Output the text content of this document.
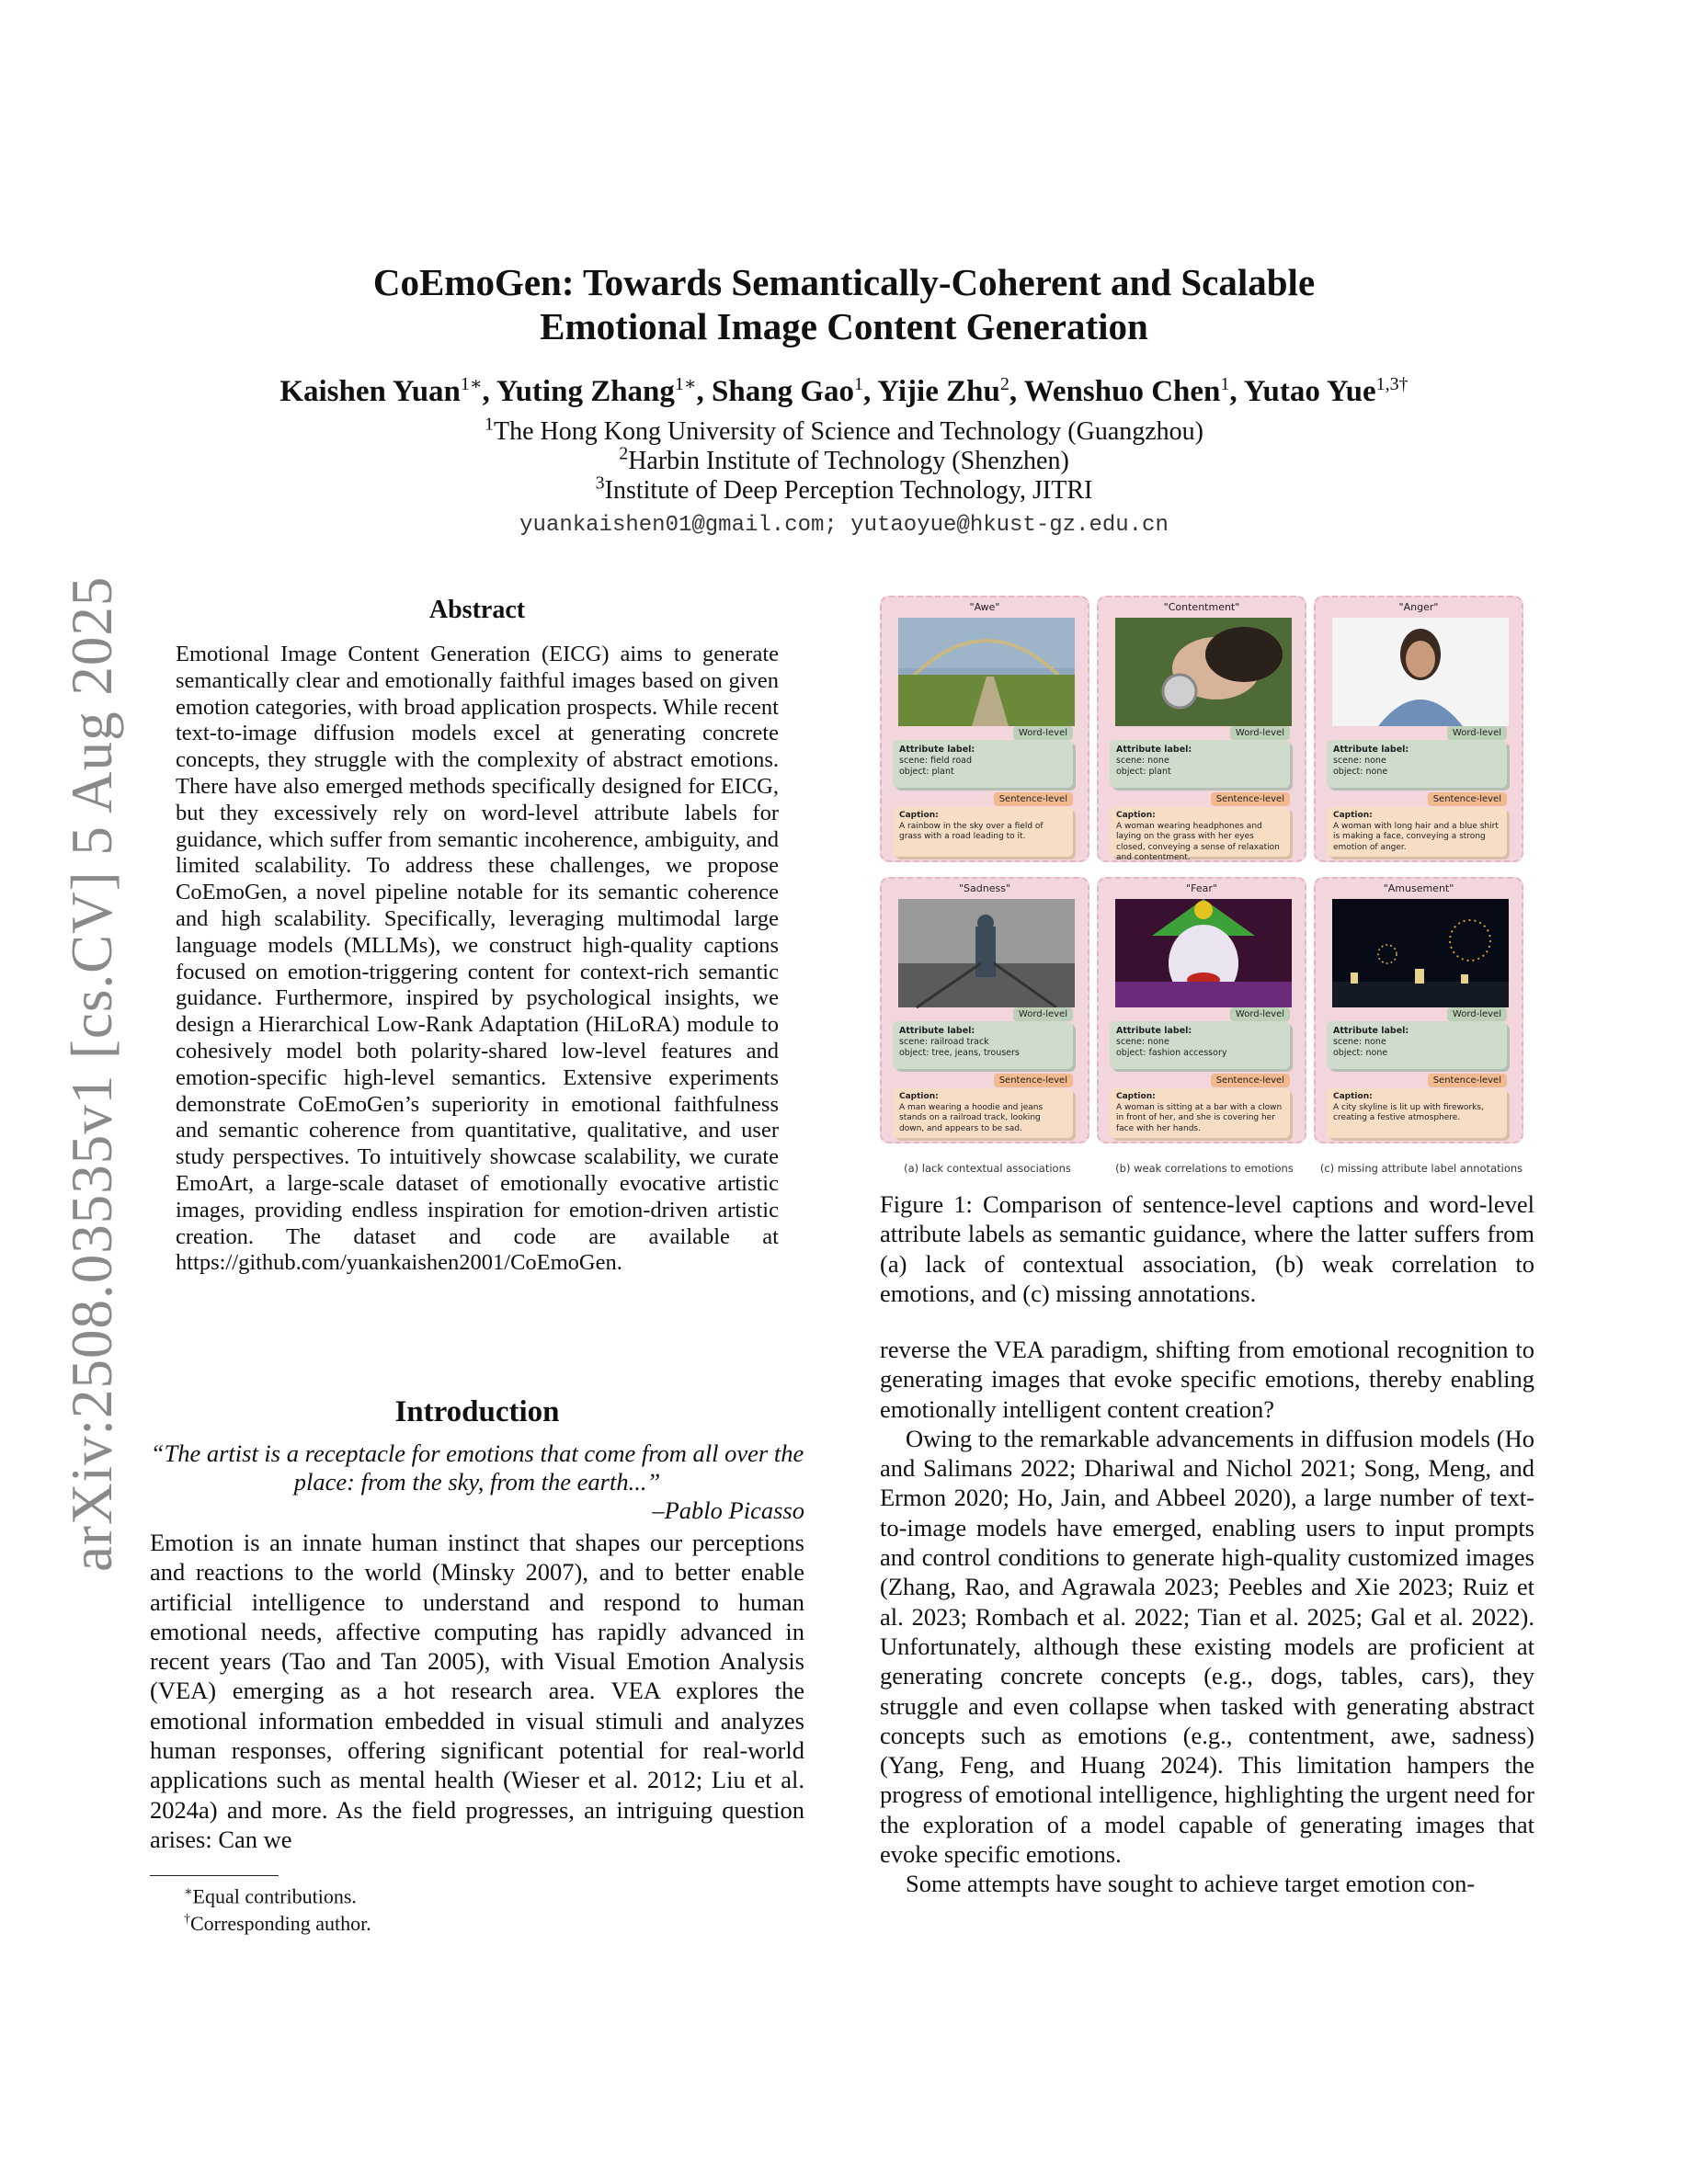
arXiv:2508.03535v1 [cs.CV] 5 Aug 2025
CoEmoGen: Towards Semantically-Coherent and Scalable
Emotional Image Content Generation
Kaishen Yuan$^{1∗}$, Yuting Zhang$^{1∗}$, Shang Gao$^1$, Yijie Zhu$^2$, Wenshuo Chen$^1$, Yutao Yue$^{1,3\dagger}$
$^1$The Hong Kong University of Science and Technology (Guangzhou)
$^2$Harbin Institute of Technology (Shenzhen)
$^3$Institute of Deep Perception Technology, JITRI
yuankaishen01@gmail.com; yutaoyue@hkust-gz.edu.cn
Abstract
Emotional Image Content Generation (EICG) aims to generate semantically clear and emotionally faithful images based on given emotion categories, with broad application prospects. While recent text-to-image diffusion models excel at generating concrete concepts, they struggle with the complexity of abstract emotions. There have also emerged methods specifically designed for EICG, but they excessively rely on word-level attribute labels for guidance, which suffer from semantic incoherence, ambiguity, and limited scalability. To address these challenges, we propose CoEmoGen, a novel pipeline notable for its semantic coherence and high scalability. Specifically, leveraging multimodal large language models (MLLMs), we construct high-quality captions focused on emotion-triggering content for context-rich semantic guidance. Furthermore, inspired by psychological insights, we design a Hierarchical Low-Rank Adaptation (HiLoRA) module to cohesively model both polarity-shared low-level features and emotion-specific high-level semantics. Extensive experiments demonstrate CoEmoGen’s superiority in emotional faithfulness and semantic coherence from quantitative, qualitative, and user study perspectives. To intuitively showcase scalability, we curate EmoArt, a large-scale dataset of emotionally evocative artistic images, providing endless inspiration for emotion-driven artistic creation. The dataset and code are available at https://github.com/yuankaishen2001/CoEmoGen.
Introduction
“The artist is a receptacle for emotions that come from all over the place: from the sky, from the earth...”
–Pablo Picasso
Emotion is an innate human instinct that shapes our perceptions and reactions to the world (Minsky 2007), and to better enable artificial intelligence to understand and respond to human emotional needs, affective computing has rapidly advanced in recent years (Tao and Tan 2005), with Visual Emotion Analysis (VEA) emerging as a hot research area. VEA explores the emotional information embedded in visual stimuli and analyzes human responses, offering significant potential for real-world applications such as mental health (Wieser et al. 2012; Liu et al. 2024a) and more. As the field progresses, an intriguing question arises: Can we
∗Equal contributions.
†Corresponding author.
"Awe"
Word-level
Attribute label:
scene: field road
object: plant
Sentence-level
Caption:
A rainbow in the sky over a field of grass with a road leading to it.
"Contentment"
Word-level
Attribute label:
scene: none
object: plant
Sentence-level
Caption:
A woman wearing headphones and laying on the grass with her eyes closed, conveying a sense of relaxation and contentment.
"Anger"
Word-level
Attribute label:
scene: none
object: none
Sentence-level
Caption:
A woman with long hair and a blue shirt is making a face, conveying a strong emotion of anger.
"Sadness"
Word-level
Attribute label:
scene: railroad track
object: tree, jeans, trousers
Sentence-level
Caption:
A man wearing a hoodie and jeans stands on a railroad track, looking down, and appears to be sad.
"Fear"
Word-level
Attribute label:
scene: none
object: fashion accessory
Sentence-level
Caption:
A woman is sitting at a bar with a clown in front of her, and she is covering her face with her hands.
"Amusement"
Word-level
Attribute label:
scene: none
object: none
Sentence-level
Caption:
A city skyline is lit up with fireworks, creating a festive atmosphere.
(a) lack contextual associations	(b) weak correlations to emotions	(c) missing attribute label annotations
Figure 1: Comparison of sentence-level captions and word-level attribute labels as semantic guidance, where the latter suffers from (a) lack of contextual association, (b) weak correlation to emotions, and (c) missing annotations.

reverse the VEA paradigm, shifting from emotional recognition to generating images that evoke specific emotions, thereby enabling emotionally intelligent content creation?

Owing to the remarkable advancements in diffusion models (Ho and Salimans 2022; Dhariwal and Nichol 2021; Song, Meng, and Ermon 2020; Ho, Jain, and Abbeel 2020), a large number of text-to-image models have emerged, enabling users to input prompts and control conditions to generate high-quality customized images (Zhang, Rao, and Agrawala 2023; Peebles and Xie 2023; Ruiz et al. 2023; Rombach et al. 2022; Tian et al. 2025; Gal et al. 2022). Unfortunately, although these existing models are proficient at generating concrete concepts (e.g., dogs, tables, cars), they struggle and even collapse when tasked with generating abstract concepts such as emotions (e.g., contentment, awe, sadness) (Yang, Feng, and Huang 2024). This limitation hampers the progress of emotional intelligence, highlighting the urgent need for the exploration of a model capable of generating images that evoke specific emotions.

Some attempts have sought to achieve target emotion con-
